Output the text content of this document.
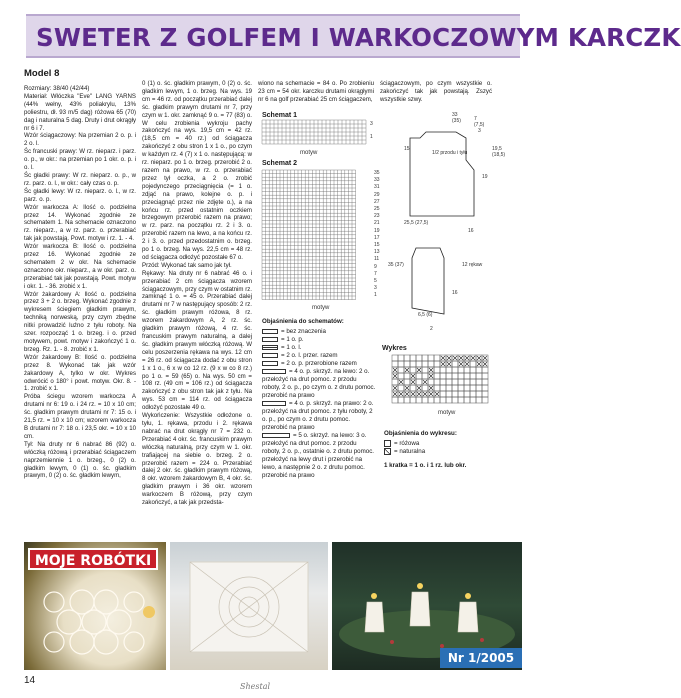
SWETER Z GOLFEM I WARKOCZOWYM KARCZK
Model 8

Rozmiary: 38/40 (42/44)

Materiał: Włóczka "Eve" LANG YARNS (44% wełny, 43% poliakrylu, 13% poliestru, dł. 93 m/5 dag) różowa 65 (70) dag i naturalna 5 dag. Druty i drut okrągły nr 6 i 7.

Wzór ściągaczowy: Na przemian 2 o. p. i 2 o. l.

Śc francuski prawy: W rz. nieparz. i parz. o. p., w okr.: na przemian po 1 okr. o. p. i o. l.

Śc gładki prawy: W rz. nieparz. o. p., w rz. parz. o. l., w okr.: cały czas o. p.

Śc gładki lewy: W rz. nieparz. o. l., w rz. parz. o. p.

Wzór warkocza A: Ilość o. podzielna przez 14. Wykonać zgodnie ze schematem 1. Na schemacie oznaczono rz. nieparz., a w rz. parz. o. przerabiać tak jak powstają. Powt. motyw i rz. 1. - 4.

Wzór warkocza B: Ilość o. podzielna przez 16. Wykonać zgodnie ze schematem 2 w okr. Na schemacie oznaczono okr. nieparz., a w okr. parz. o. przerabiać tak jak powstają. Powt. motyw i okr. 1. - 36. zrobić x 1.

Wzór żakardowy A: Ilość o. podzielna przez 3 + 2 o. brzeg. Wykonać zgodnie z wykresem ściegiem gładkim prawym, techniką norweską, przy czym zbędne nitki prowadzić luźno z tyłu roboty. Na szer. rozpocząć 1 o. brzeg. i o. przed motywem, powt. motyw i zakończyć 1 o. brzeg. Rz. 1. - 8. zrobić x 1.

Wzór żakardowy B: Ilość o. podzielna przez 8. Wykonać tak jak wzór żakardowy A, tylko w okr. Wykres odwrócić o 180° i powt. motyw. Okr. 8. - 1. zrobić x 1.

Próba ściegu wzorem warkocza A drutami nr 6: 19 o. i 24 rz. = 10 x 10 cm; śc. gładkim prawym drutami nr 7: 15 o. i 21,5 rz. = 10 x 10 cm; wzorem warkocza B drutami nr 7: 18 o. i 23,5 okr. = 10 x 10 cm.

Tył: Na druty nr 6 nabrać 86 (92) o. włóczką różową i przerabiać ściągaczem naprzemiennie 1 o. brzeg., 0 (2) o. gładkim lewym, 0 (1) o. śc. gładkim prawym, 0 (2) o. śc. gładkim lewym,

0 (1) o. śc. gładkim prawym, 0 (2) o. śc. gładkim lewym, 1 o. brzeg. Na wys. 19 cm = 46 rz. od początku przerabiać dalej śc. gładkim prawym drutami nr 7, przy czym w 1. okr. zamknąć 9 o. = 77 (83) o. W celu zrobienia wykroju pachy zakończyć na wys. 19,5 cm = 42 rz. (18,5 cm = 40 rz.) od ściągacza zakończyć z obu stron 1 x 1 o., po czym w każdym rz. 4 (7) x 1 o. następującą: w rz. nieparz. po 1 o. brzeg. przerobić 2 o. razem na prawo, w rz. o. przerabiać przez tył oczka, a 2 o. zrobić pojedynczego przeciągnięcia (= 1 o. zdjąć na prawo, kolejne o. p. i przeciągnąć przez nie zdjęte o.), a na końcu rz. przed ostatnim oczkiem brzegowym przerobić razem na prawo; w rz. parz. na początku rz. 2 i 3. o. przerobić razem na lewo, a na końcu rz. 2 i 3. o. przed przedostatnim o. brzeg. po 1 o. brzeg. Na wys. 22,5 cm = 48 rz. od ściągacza odłożyć pozostałe 67 o.

Przód: Wykonać tak samo jak tył.

Rękawy: Na druty nr 6 nabrać 46 o. i przerabiać 2 cm ściągacza wzorem ściągaczowym, przy czym w ostatnim rz. zamknąć 1 o. = 45 o. Przerabiać dalej drutami nr 7 w następujący sposób: 2 rz. śc. gładkim prawym różowa, 8 rz. wzorem żakardowym A, 2 rz. śc. gładkim prawym różową, 4 rz. śc. francuskim prawym naturalną, a dalej śc. gładkim prawym włóczką różową. W celu poszerzenia rękawa na wys. 12 cm = 26 rz. od ściągacza dodać z obu stron 1 x 1 o., 6 x w co 12 rz. (9 x w co 8 rz.) po 1 o. = 59 (65) o. Na wys. 50 cm = 108 rz. (49 cm = 106 rz.) od ściągacza zakończyć z obu stron tak jak z tyłu. Na wys. 53 cm = 114 rz. od ściągacza odłożyć pozostałe 49 o.

Wykończenie: Wszystkie odłożone o. tyłu, 1. rękawa, przodu i 2. rękawa nabrać na drut okrągły nr 7 = 232 o. Przerabiać 4 okr. śc. francuskim prawym włóczką naturalną, przy czym w 1. okr. trafiającej na siebie o. brzeg. 2 o. przerobić razem = 224 o. Przerabiać dalej 2 okr. śc. gładkim prawym różową, 8 okr. wzorem żakardowym B, 4 okr. śc. gładkim prawym i 36 okr. wzorem warkoczem B różową, przy czym zakończyć, a tak jak przedsta-

wiono na schemacie = 84 o. Po zrobieniu 23 cm = 54 okr. karczku drutami okrągłymi nr 6 na golf przerabiać 25 cm ściągaczem,

Schemat 1
3
1
motyw
Schemat 2
35
33
31
29
27
25
23
21
19
17
15
13
11
9
7
5
3
1
motyw
Objaśnienia do schematów:
= bez znaczenia
= 1 o. p.
= 1 o. l.
= 2 o. l. przer. razem
= 2 o. p. przerobione razem
= 4 o. p. skrzyż. na lewo: 2 o. przełożyć na drut pomoc. z przodu roboty, 2 o. p., po czym o. z drutu pomoc. przerobić na prawo
= 4 o. p. skrzyż. na prawo: 2 o. przełożyć na drut pomoc. z tyłu roboty, 2 o. p., po czym o. z drutu pomoc. przerobić na prawo
= 5 o. skrzyż. na lewo: 3 o. przełożyć na drut pomoc. z przodu roboty, 2 o. p., ostatnie o. z drutu pomoc. przełożyć na lewy drut i przerobić na lewo, a następnie 2 o. z drutu pomoc. przerobić na prawo

ściągaczowym, po czym wszystkie o. zakończyć tak jak powstają. Zszyć wszystkie szwy.

33
(35)	7
(7,5)
3
19,5
(18,5)
19
15
25,5 (27,5)
1/2 przodu i tyłu
16
35 (37)	12 rękaw
6,5 (6)
2
16
Wykres
motyw
Objaśnienia do wykresu:
= różowa
= naturalna
1 kratka = 1 o. i 1 rz. lub okr.
MOJE ROBÓTKI
Nr 1/2005
14
Shestal
